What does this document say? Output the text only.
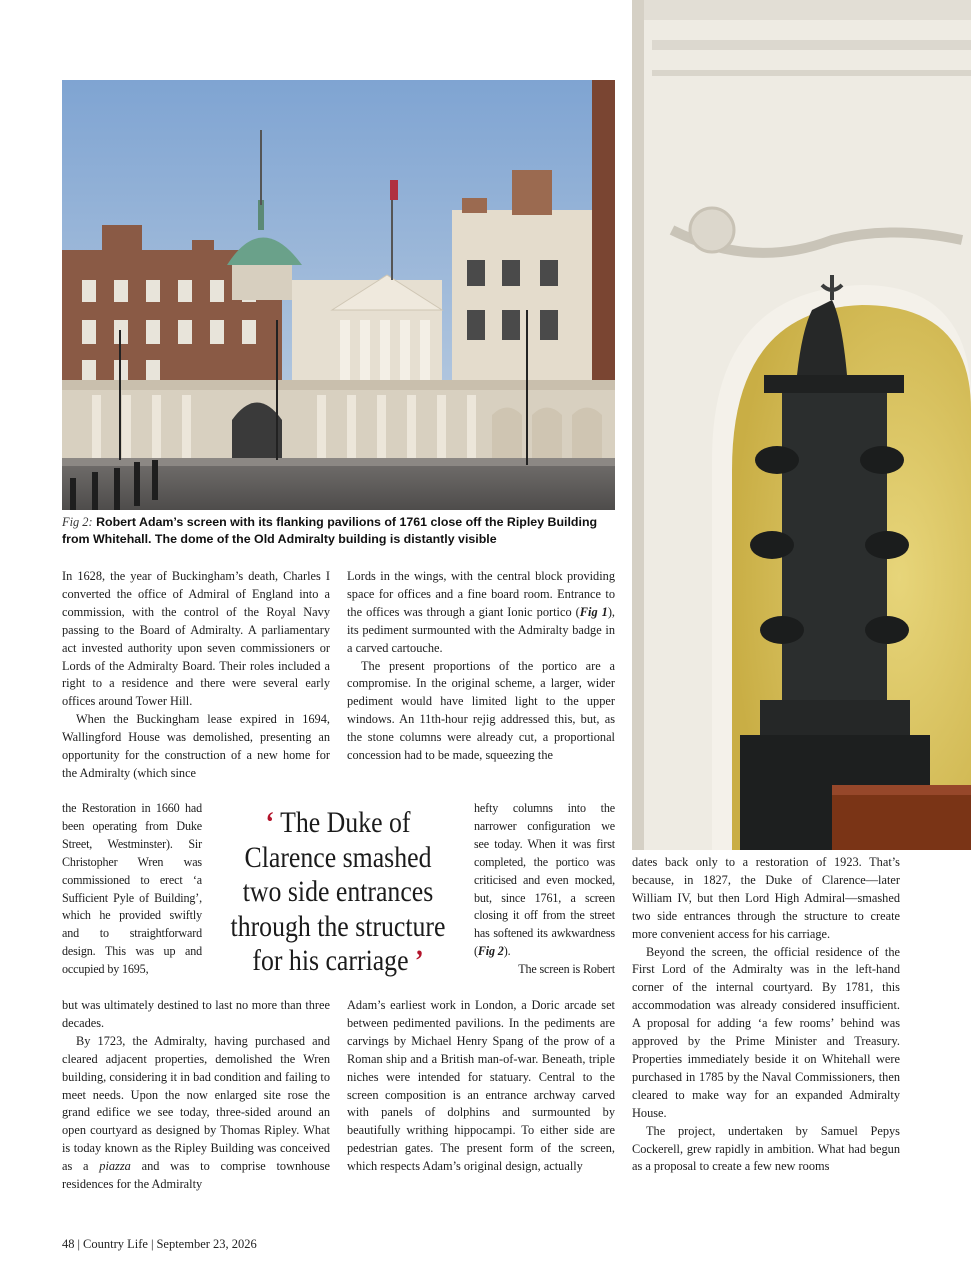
Fig 2: Robert Adam’s screen with its flanking pavilions of 1761 close off the Ripley Building from Whitehall. The dome of the Old Admiralty building is distantly visible

In 1628, the year of Buckingham’s death, Charles I converted the office of Admiral of England into a commission, with the control of the Royal Navy passing to the Board of Admiralty. A parliamentary act invested authority upon seven commissioners or Lords of the Admiralty Board. Their roles included a right to a residence and there were several early offices around Tower Hill.

When the Buckingham lease expired in 1694, Wallingford House was demolished, presenting an opportunity for the construction of a new home for the Admiralty (which since

the Restoration in 1660 had been operating from Duke Street, Westminster). Sir Christopher Wren was commissioned to erect ‘a Sufficient Pyle of Building’, which he provided swiftly and to straightforward design. This was up and occupied by 1695,

but was ultimately destined to last no more than three decades.

By 1723, the Admiralty, having purchased and cleared adjacent properties, demolished the Wren building, considering it in bad condition and failing to meet needs. Upon the now enlarged site rose the grand edifice we see today, three-sided around an open courtyard as designed by Thomas Ripley. What is today known as the Ripley Building was conceived as a piazza and was to comprise townhouse residences for the Admiralty

Lords in the wings, with the central block providing space for offices and a fine board room. Entrance to the offices was through a giant Ionic portico (Fig 1), its pediment surmounted with the Admiralty badge in a carved cartouche.

The present proportions of the portico are a compromise. In the original scheme, a larger, wider pediment would have limited light to the upper windows. An 11th-hour rejig addressed this, but, as the stone columns were already cut, a proportional concession had to be made, squeezing the

hefty columns into the narrower configuration we see today. When it was first completed, the portico was criticised and even mocked, but, since 1761, a screen closing it off from the street has softened its awkwardness (Fig 2).

The screen is Robert

Adam’s earliest work in London, a Doric arcade set between pedimented pavilions. In the pediments are carvings by Michael Henry Spang of the prow of a Roman ship and a British man-of-war. Beneath, triple niches were intended for statuary. Central to the screen composition is an entrance archway carved with panels of dolphins and surmounted by beautifully writhing hippocampi. To either side are pedestrian gates. The present form of the screen, which respects Adam’s original design, actually

dates back only to a restoration of 1923. That’s because, in 1827, the Duke of Clarence—later William IV, but then Lord High Admiral—smashed two side entrances through the structure to create more convenient access for his carriage.

Beyond the screen, the official residence of the First Lord of the Admiralty was in the left-hand corner of the internal courtyard. By 1781, this accommodation was already considered insufficient. A proposal for adding ‘a few rooms’ behind was approved by the Prime Minister and Treasury. Properties immediately beside it on Whitehall were purchased in 1785 by the Naval Commissioners, then cleared to make way for an expanded Admiralty House.

The project, undertaken by Samuel Pepys Cockerell, grew rapidly in ambition. What had begun as a proposal to create a few new rooms

‘ The Duke of Clarence smashed two side entrances through the structure for his carriage ’
48 | Country Life | September 23, 2026
